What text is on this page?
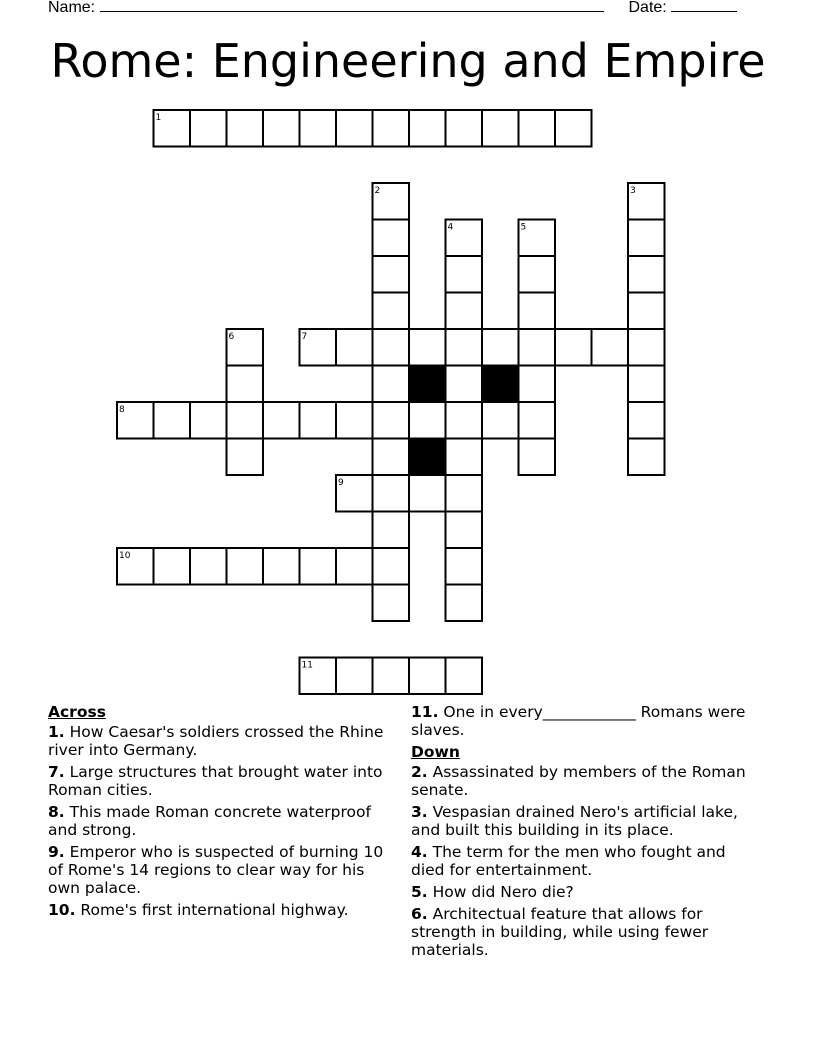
Name:	Date:
Rome: Engineering and Empire
1
2	3
4	5
6	7
8
9
10
11
Across
1. How Caesar's soldiers crossed the Rhine river into Germany.
7. Large structures that brought water into Roman cities.
8. This made Roman concrete waterproof and strong.
9. Emperor who is suspected of burning 10 of Rome's 14 regions to clear way for his own palace.
10. Rome's first international highway.
11. One in every____________ Romans were slaves.
Down
2. Assassinated by members of the Roman senate.
3. Vespasian drained Nero's artificial lake, and built this building in its place.
4. The term for the men who fought and died for entertainment.
5. How did Nero die?
6. Architectual feature that allows for strength in building, while using fewer materials.
